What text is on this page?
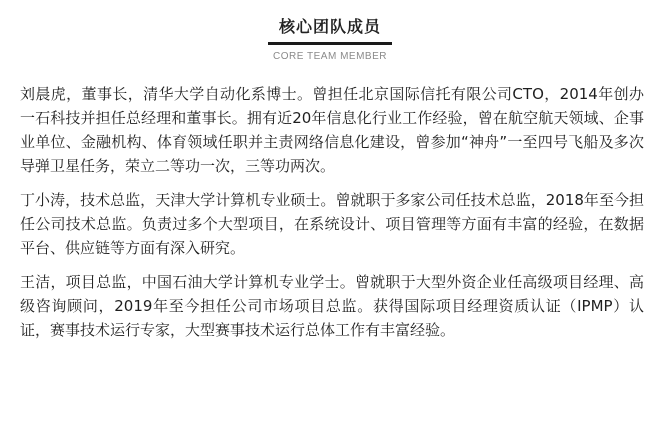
核心团队成员
CORE TEAM MEMBER

刘晨虎，董事长，清华大学自动化系博士。曾担任北京国际信托有限公司CTO，2014年创办一石科技并担任总经理和董事长。拥有近20年信息化行业工作经验，曾在航空航天领域、企事业单位、金融机构、体育领域任职并主责网络信息化建设，曾参加“神舟”一至四号飞船及多次导弹卫星任务，荣立二等功一次，三等功两次。

丁小涛，技术总监，天津大学计算机专业硕士。曾就职于多家公司任技术总监，2018年至今担任公司技术总监。负责过多个大型项目，在系统设计、项目管理等方面有丰富的经验，在数据平台、供应链等方面有深入研究。

王洁，项目总监，中国石油大学计算机专业学士。曾就职于大型外资企业任高级项目经理、高级咨询顾问，2019年至今担任公司市场项目总监。获得国际项目经理资质认证（IPMP）认证，赛事技术运行专家，大型赛事技术运行总体工作有丰富经验。
